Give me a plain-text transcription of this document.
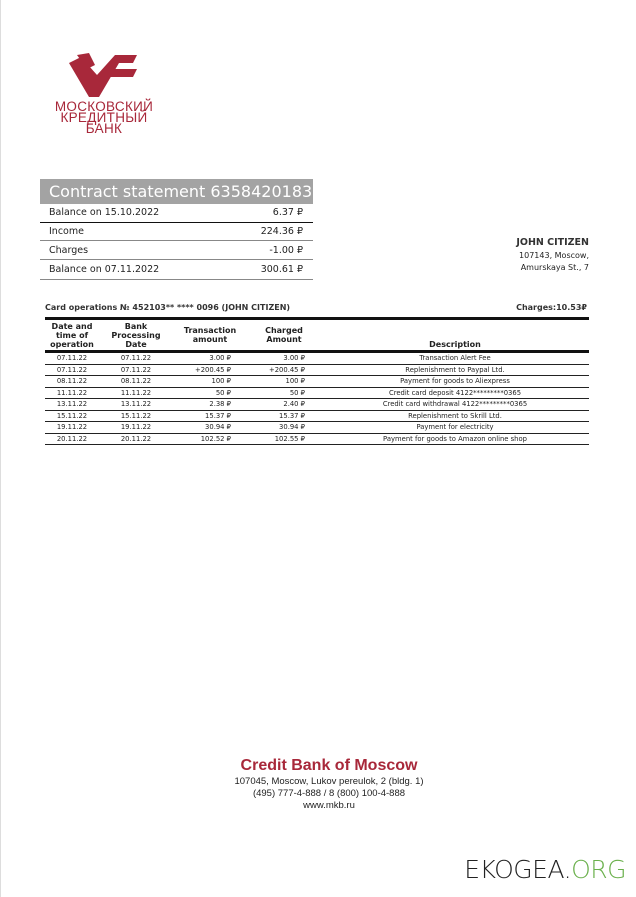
МОСКОВСКИЙ
КРЕДИТНЫЙ
БАНК
Contract statement 6358420183
Balance on 15.10.2022	6.37 ₽
Income	224.36 ₽
Charges	-1.00 ₽
Balance on 07.11.2022	300.61 ₽
JOHN CITIZEN
107143, Moscow,
Amurskaya St., 7
Card operations № 452103** **** 0096 (JOHN CITIZEN)	Charges:10.53₽
Date and time of operation	Bank Processing Date	Transaction amount	Charged Amount	Description
07.11.22	07.11.22	3.00 ₽	3.00 ₽	Transaction Alert Fee
07.11.22	07.11.22	+200.45 ₽	+200.45 ₽	Replenishment to Paypal Ltd.
08.11.22	08.11.22	100 ₽	100 ₽	Payment for goods to Aliexpress
11.11.22	11.11.22	50 ₽	50 ₽	Credit card deposit 4122*********0365
13.11.22	13.11.22	2.38 ₽	2.40 ₽	Credit card withdrawal 4122*********0365
15.11.22	15.11.22	15.37 ₽	15.37 ₽	Replenishment to Skrill Ltd.
19.11.22	19.11.22	30.94 ₽	30.94 ₽	Payment for electricity
20.11.22	20.11.22	102.52 ₽	102.55 ₽	Payment for goods to Amazon online shop
Credit Bank of Moscow
107045, Moscow, Lukov pereulok, 2 (bldg. 1)
(495) 777-4-888 / 8 (800) 100-4-888
www.mkb.ru
EKOGEA.ORG
